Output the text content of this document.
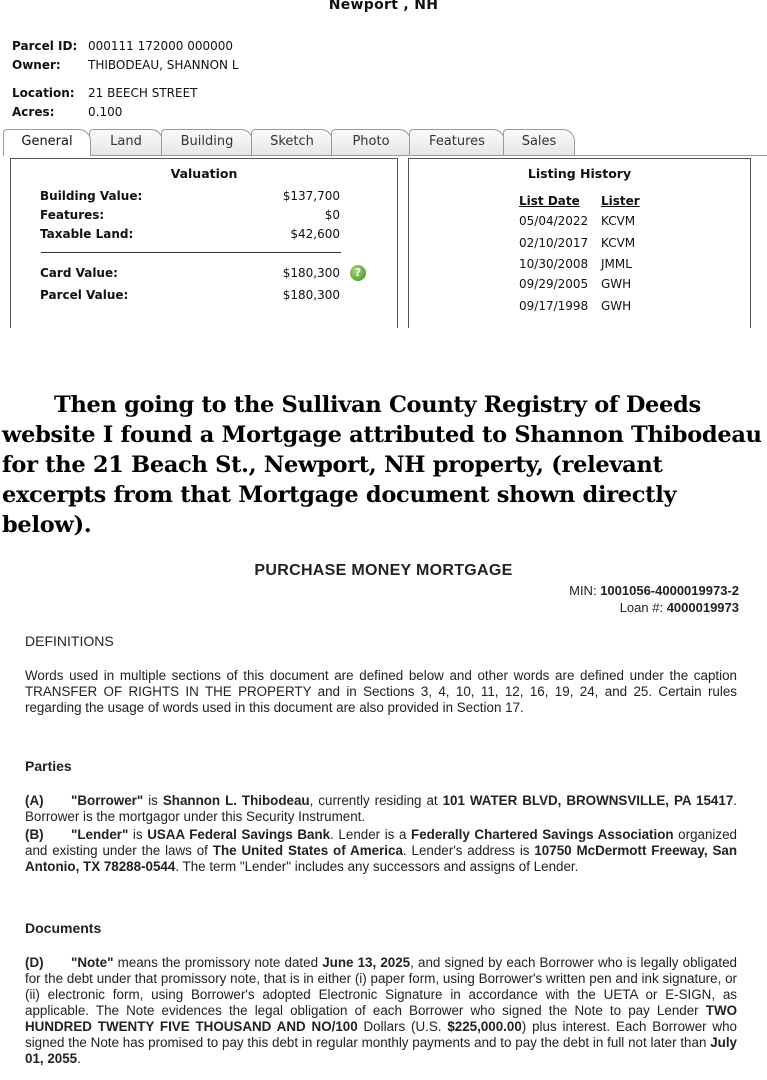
Newport , NH
Parcel ID: 000111 172000 000000
Owner: THIBODEAU, SHANNON L
Location: 21 BEECH STREET
Acres:	0.100
General	Land	Building	Sketch	Photo	Features	Sales
Valuation
Building Value:	$137,700
Features:	$0
Taxable Land:	$42,600
Card Value:	$180,300	?
Parcel Value:	$180,300
Listing History
List Date Lister
05/04/2022 KCVM
02/10/2017 KCVM
10/30/2008 JMML
09/29/2005 GWH
09/17/1998 GWH

Then going to the Sullivan County Registry of Deeds website I found a Mortgage attributed to Shannon Thibodeau for the 21 Beach St., Newport, NH property, (relevant excerpts from that Mortgage document shown directly below).

PURCHASE MONEY MORTGAGE
MIN: 1001056-4000019973-2
Loan #: 4000019973
DEFINITIONS

Words used in multiple sections of this document are defined below and other words are defined under the caption TRANSFER OF RIGHTS IN THE PROPERTY and in Sections 3, 4, 10, 11, 12, 16, 19, 24, and 25. Certain rules regarding the usage of words used in this document are also provided in Section 17.

Parties

(A) "Borrower" is Shannon L. Thibodeau, currently residing at 101 WATER BLVD, BROWNSVILLE, PA 15417. Borrower is the mortgagor under this Security Instrument.

(B) "Lender" is USAA Federal Savings Bank. Lender is a Federally Chartered Savings Association organized and existing under the laws of The United States of America. Lender's address is 10750 McDermott Freeway, San Antonio, TX 78288-0544. The term "Lender" includes any successors and assigns of Lender.

Documents

(D) "Note" means the promissory note dated June 13, 2025, and signed by each Borrower who is legally obligated for the debt under that promissory note, that is in either (i) paper form, using Borrower's written pen and ink signature, or (ii) electronic form, using Borrower's adopted Electronic Signature in accordance with the UETA or E-SIGN, as applicable. The Note evidences the legal obligation of each Borrower who signed the Note to pay Lender TWO HUNDRED TWENTY FIVE THOUSAND AND NO/100 Dollars (U.S. $225,000.00) plus interest. Each Borrower who signed the Note has promised to pay this debt in regular monthly payments and to pay the debt in full not later than July 01, 2055.
